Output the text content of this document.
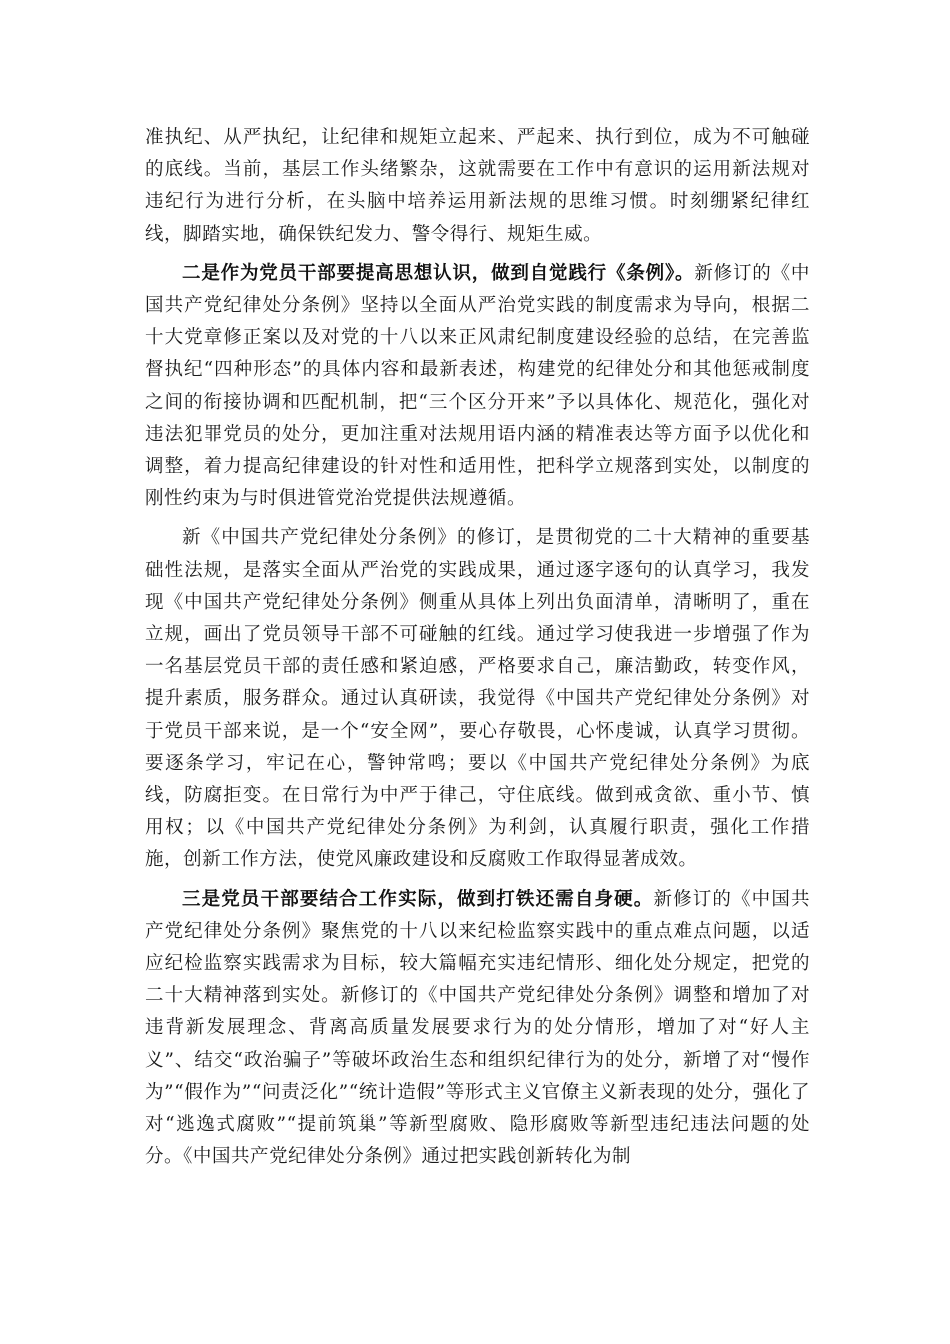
准执纪、从严执纪，让纪律和规矩立起来、严起来、执行到位，成为不可触碰的底线。当前，基层工作头绪繁杂，这就需要在工作中有意识的运用新法规对违纪行为进行分析，在头脑中培养运用新法规的思维习惯。时刻绷紧纪律红线，脚踏实地，确保铁纪发力、警令得行、规矩生威。

二是作为党员干部要提高思想认识，做到自觉践行《条例》。新修订的《中国共产党纪律处分条例》坚持以全面从严治党实践的制度需求为导向，根据二十大党章修正案以及对党的十八以来正风肃纪制度建设经验的总结，在完善监督执纪“四种形态”的具体内容和最新表述，构建党的纪律处分和其他惩戒制度之间的衔接协调和匹配机制，把“三个区分开来”予以具体化、规范化，强化对违法犯罪党员的处分，更加注重对法规用语内涵的精准表达等方面予以优化和调整，着力提高纪律建设的针对性和适用性，把科学立规落到实处，以制度的刚性约束为与时俱进管党治党提供法规遵循。

新《中国共产党纪律处分条例》的修订，是贯彻党的二十大精神的重要基础性法规，是落实全面从严治党的实践成果，通过逐字逐句的认真学习，我发现《中国共产党纪律处分条例》侧重从具体上列出负面清单，清晰明了，重在立规，画出了党员领导干部不可碰触的红线。通过学习使我进一步增强了作为一名基层党员干部的责任感和紧迫感，严格要求自己，廉洁勤政，转变作风，提升素质，服务群众。通过认真研读，我觉得《中国共产党纪律处分条例》对于党员干部来说，是一个“安全网”，要心存敬畏，心怀虔诚，认真学习贯彻。要逐条学习，牢记在心，警钟常鸣；要以《中国共产党纪律处分条例》为底线，防腐拒变。在日常行为中严于律己，守住底线。做到戒贪欲、重小节、慎用权；以《中国共产党纪律处分条例》为利剑，认真履行职责，强化工作措施，创新工作方法，使党风廉政建设和反腐败工作取得显著成效。

三是党员干部要结合工作实际，做到打铁还需自身硬。新修订的《中国共产党纪律处分条例》聚焦党的十八以来纪检监察实践中的重点难点问题，以适应纪检监察实践需求为目标，较大篇幅充实违纪情形、细化处分规定，把党的二十大精神落到实处。新修订的《中国共产党纪律处分条例》调整和增加了对违背新发展理念、背离高质量发展要求行为的处分情形，增加了对“好人主义”、结交“政治骗子”等破坏政治生态和组织纪律行为的处分，新增了对“慢作为”“假作为”“问责泛化”“统计造假”等形式主义官僚主义新表现的处分，强化了对“逃逸式腐败”“提前筑巢”等新型腐败、隐形腐败等新型违纪违法问题的处分。《中国共产党纪律处分条例》通过把实践创新转化为制
